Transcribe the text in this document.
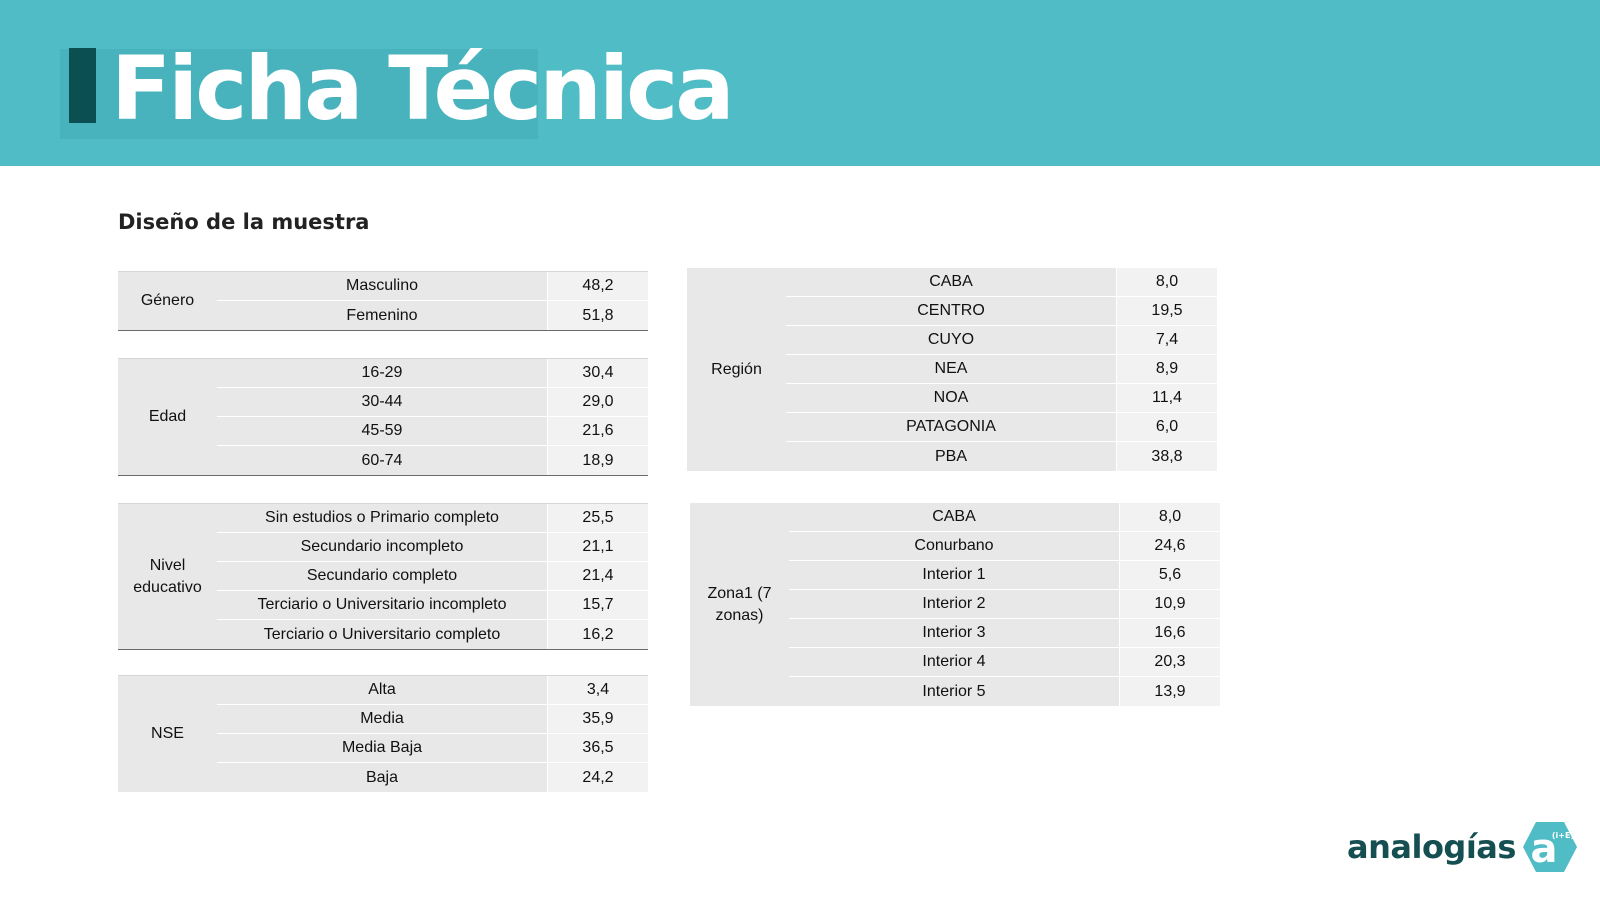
Ficha Técnica
Diseño de la muestra
Género
Masculino	48,2
Femenino	51,8
Edad
16-29	30,4
30-44	29,0
45-59	21,6
60-74	18,9
Nivel
educativo
Sin estudios o Primario completo	25,5
Secundario incompleto	21,1
Secundario completo	21,4
Terciario o Universitario incompleto	15,7
Terciario o Universitario completo	16,2
NSE
Alta	3,4
Media	35,9
Media Baja	36,5
Baja	24,2
Región
CABA	8,0
CENTRO	19,5
CUYO	7,4
NEA	8,9
NOA	11,4
PATAGONIA	6,0
PBA	38,8
Zona1 (7
zonas)
CABA	8,0
Conurbano	24,6
Interior 1	5,6
Interior 2	10,9
Interior 3	16,6
Interior 4	20,3
Interior 5	13,9
analogías a
(i+E)
